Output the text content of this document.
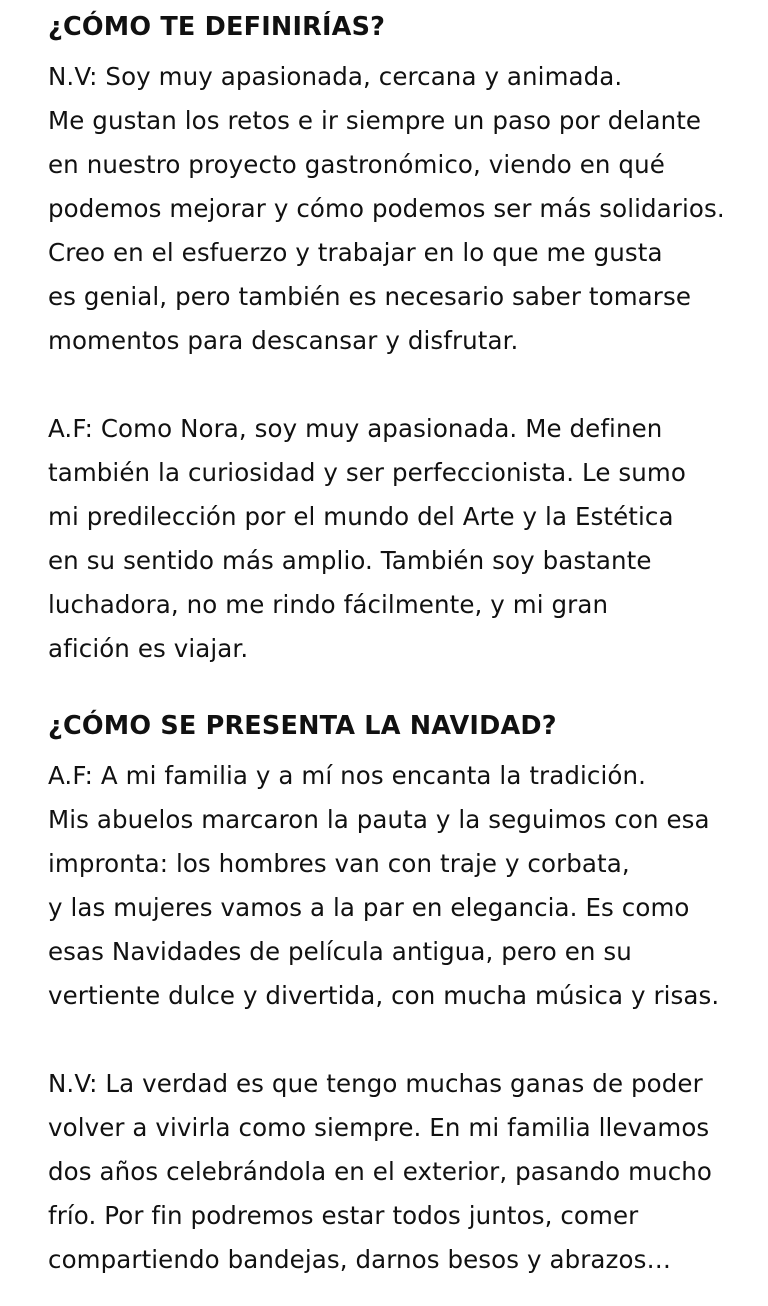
¿CÓMO TE DEFINIRÍAS?

N.V: Soy muy apasionada, cercana y animada.
Me gustan los retos e ir siempre un paso por delante
en nuestro proyecto gastronómico, viendo en qué
podemos mejorar y cómo podemos ser más solidarios.
Creo en el esfuerzo y trabajar en lo que me gusta
es genial, pero también es necesario saber tomarse
momentos para descansar y disfrutar.

A.F: Como Nora, soy muy apasionada. Me definen
también la curiosidad y ser perfeccionista. Le sumo
mi predilección por el mundo del Arte y la Estética
en su sentido más amplio. También soy bastante
luchadora, no me rindo fácilmente, y mi gran
afición es viajar.

¿CÓMO SE PRESENTA LA NAVIDAD?

A.F: A mi familia y a mí nos encanta la tradición.
Mis abuelos marcaron la pauta y la seguimos con esa
impronta: los hombres van con traje y corbata,
y las mujeres vamos a la par en elegancia. Es como
esas Navidades de película antigua, pero en su
vertiente dulce y divertida, con mucha música y risas.

N.V: La verdad es que tengo muchas ganas de poder
volver a vivirla como siempre. En mi familia llevamos
dos años celebrándola en el exterior, pasando mucho
frío. Por fin podremos estar todos juntos, comer
compartiendo bandejas, darnos besos y abrazos…
